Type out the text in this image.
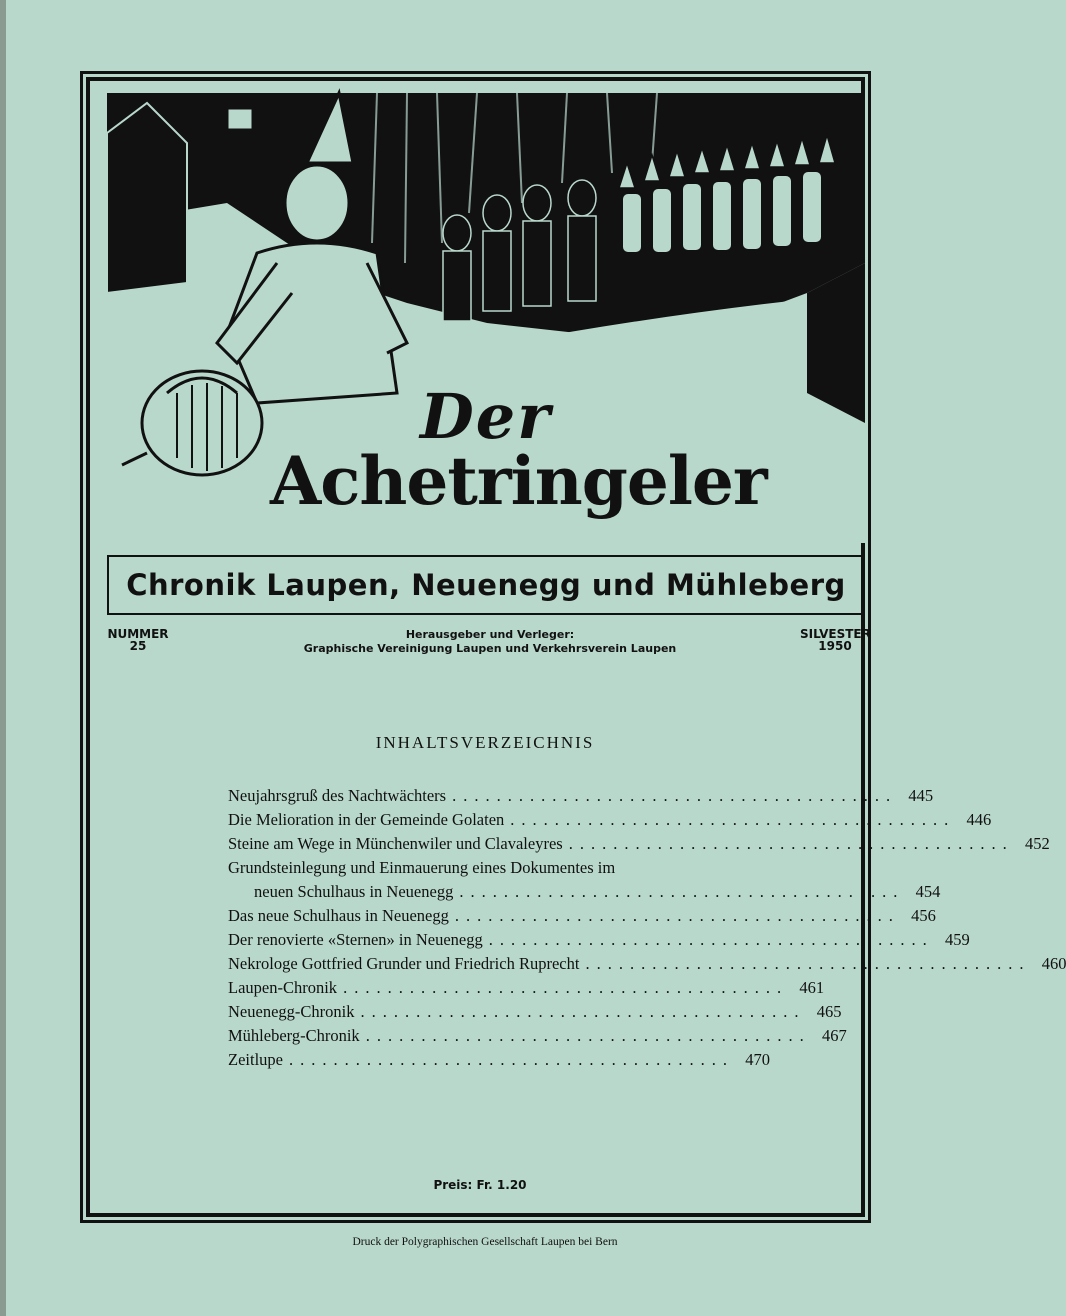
Der
Achetringeler
Chronik Laupen, Neuenegg und Mühleberg
NUMMER
25
Herausgeber und Verleger:
Graphische Vereinigung Laupen und Verkehrsverein Laupen
SILVESTER
1950
INHALTSVERZEICHNIS
Neujahrsgruß des Nachtwächters ........................................ 445
Die Melioration in der Gemeinde Golaten ........................................ 446
Steine am Wege in Münchenwiler und Clavaleyres ........................................ 452
Grundsteinlegung und Einmauerung eines Dokumentes im
neuen Schulhaus in Neuenegg ........................................ 454
Das neue Schulhaus in Neuenegg ........................................ 456
Der renovierte «Sternen» in Neuenegg ........................................ 459
Nekrologe Gottfried Grunder und Friedrich Ruprecht ........................................ 460
Laupen-Chronik ........................................ 461
Neuenegg-Chronik ........................................ 465
Mühleberg-Chronik ........................................ 467
Zeitlupe ........................................ 470
Preis: Fr. 1.20
Druck der Polygraphischen Gesellschaft Laupen bei Bern
